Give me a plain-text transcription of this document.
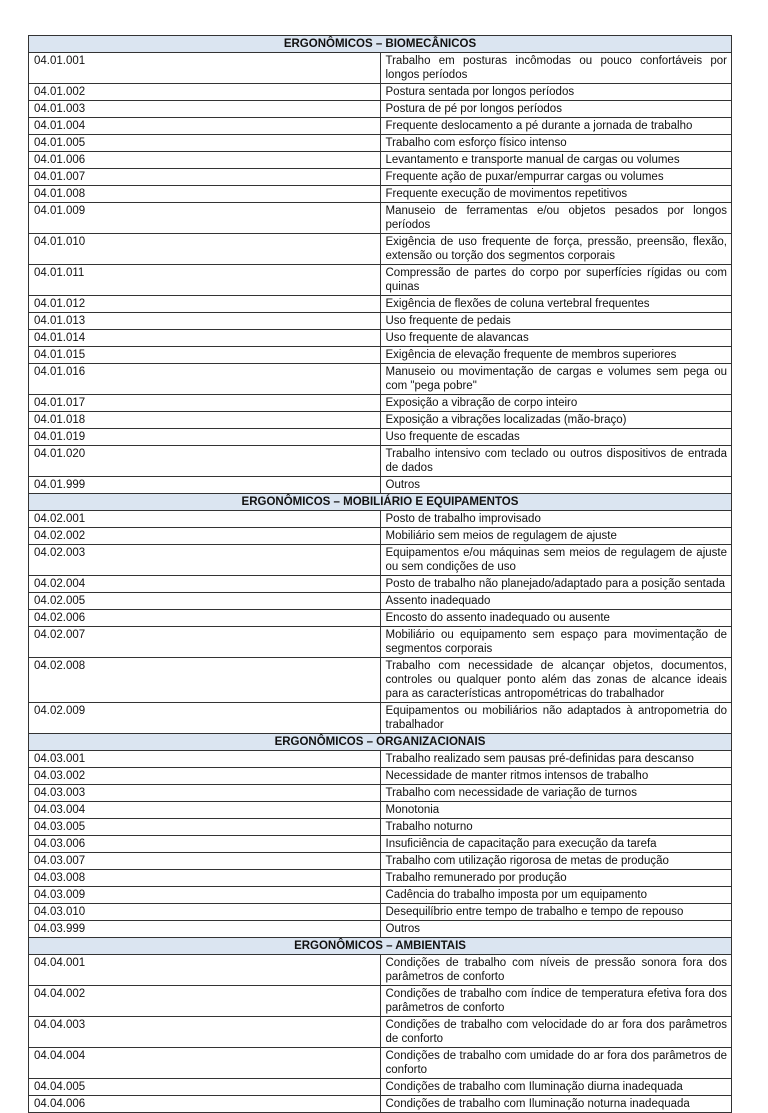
ERGONÔMICOS – BIOMECÂNICOS	
04.01.001	Trabalho em posturas incômodas ou pouco confortáveis por longos períodos
04.01.002	Postura sentada por longos períodos
04.01.003	Postura de pé por longos períodos
04.01.004	Frequente deslocamento a pé durante a jornada de trabalho
04.01.005	Trabalho com esforço físico intenso
04.01.006	Levantamento e transporte manual de cargas ou volumes
04.01.007	Frequente ação de puxar/empurrar cargas ou volumes
04.01.008	Frequente execução de movimentos repetitivos
04.01.009	Manuseio de ferramentas e/ou objetos pesados por longos períodos
04.01.010	Exigência de uso frequente de força, pressão, preensão, flexão, extensão ou torção dos segmentos corporais
04.01.011	Compressão de partes do corpo por superfícies rígidas ou com quinas
04.01.012	Exigência de flexões de coluna vertebral frequentes
04.01.013	Uso frequente de pedais
04.01.014	Uso frequente de alavancas
04.01.015	Exigência de elevação frequente de membros superiores
04.01.016	Manuseio ou movimentação de cargas e volumes sem pega ou com "pega pobre"
04.01.017	Exposição a vibração de corpo inteiro
04.01.018	Exposição a vibrações localizadas (mão-braço)
04.01.019	Uso frequente de escadas
04.01.020	Trabalho intensivo com teclado ou outros dispositivos de entrada de dados
04.01.999	Outros
ERGONÔMICOS – MOBILIÁRIO E EQUIPAMENTOS	
04.02.001	Posto de trabalho improvisado
04.02.002	Mobiliário sem meios de regulagem de ajuste
04.02.003	Equipamentos e/ou máquinas sem meios de regulagem de ajuste ou sem condições de uso
04.02.004	Posto de trabalho não planejado/adaptado para a posição sentada
04.02.005	Assento inadequado
04.02.006	Encosto do assento inadequado ou ausente
04.02.007	Mobiliário ou equipamento sem espaço para movimentação de segmentos corporais
04.02.008	Trabalho com necessidade de alcançar objetos, documentos, controles ou qualquer ponto além das zonas de alcance ideais para as características antropométricas do trabalhador
04.02.009	Equipamentos ou mobiliários não adaptados à antropometria do trabalhador
ERGONÔMICOS – ORGANIZACIONAIS	
04.03.001	Trabalho realizado sem pausas pré-definidas para descanso
04.03.002	Necessidade de manter ritmos intensos de trabalho
04.03.003	Trabalho com necessidade de variação de turnos
04.03.004	Monotonia
04.03.005	Trabalho noturno
04.03.006	Insuficiência de capacitação para execução da tarefa
04.03.007	Trabalho com utilização rigorosa de metas de produção
04.03.008	Trabalho remunerado por produção
04.03.009	Cadência do trabalho imposta por um equipamento
04.03.010	Desequilíbrio entre tempo de trabalho e tempo de repouso
04.03.999	Outros
ERGONÔMICOS – AMBIENTAIS	
04.04.001	Condições de trabalho com níveis de pressão sonora fora dos parâmetros de conforto
04.04.002	Condições de trabalho com índice de temperatura efetiva fora dos parâmetros de conforto
04.04.003	Condições de trabalho com velocidade do ar fora dos parâmetros de conforto
04.04.004	Condições de trabalho com umidade do ar fora dos parâmetros de conforto
04.04.005	Condições de trabalho com Iluminação diurna inadequada
04.04.006	Condições de trabalho com Iluminação noturna inadequada
